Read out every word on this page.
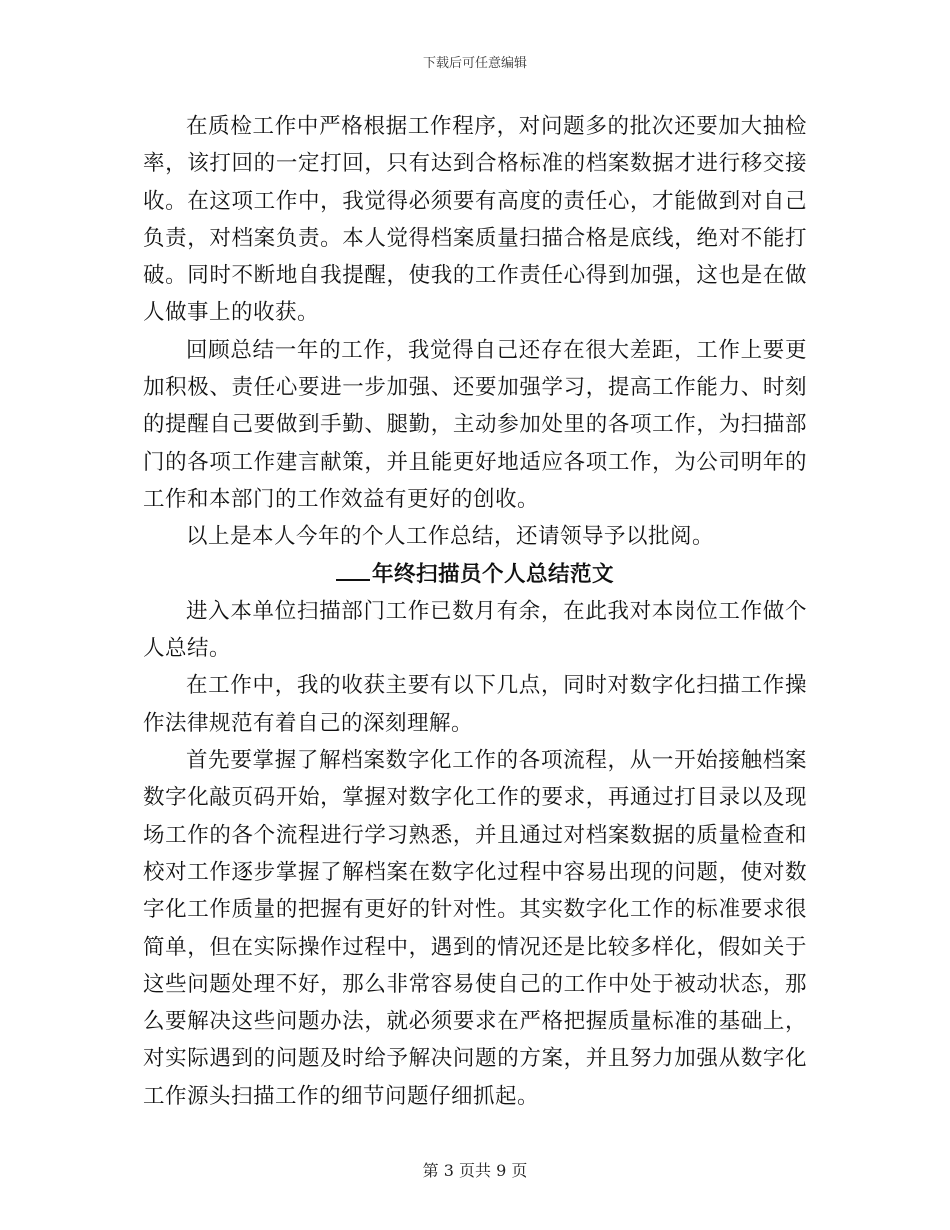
下载后可任意编辑

在质检工作中严格根据工作程序，对问题多的批次还要加大抽检率，该打回的一定打回，只有达到合格标准的档案数据才进行移交接收。在这项工作中，我觉得必须要有高度的责任心，才能做到对自己负责，对档案负责。本人觉得档案质量扫描合格是底线，绝对不能打破。同时不断地自我提醒，使我的工作责任心得到加强，这也是在做人做事上的收获。

回顾总结一年的工作，我觉得自己还存在很大差距，工作上要更加积极、责任心要进一步加强、还要加强学习，提高工作能力、时刻的提醒自己要做到手勤、腿勤，主动参加处里的各项工作，为扫描部门的各项工作建言献策，并且能更好地适应各项工作，为公司明年的工作和本部门的工作效益有更好的创收。

以上是本人今年的个人工作总结，还请领导予以批阅。

年终扫描员个人总结范文

进入本单位扫描部门工作已数月有余，在此我对本岗位工作做个人总结。

在工作中，我的收获主要有以下几点，同时对数字化扫描工作操作法律规范有着自己的深刻理解。

首先要掌握了解档案数字化工作的各项流程，从一开始接触档案数字化敲页码开始，掌握对数字化工作的要求，再通过打目录以及现场工作的各个流程进行学习熟悉，并且通过对档案数据的质量检查和校对工作逐步掌握了解档案在数字化过程中容易出现的问题，使对数字化工作质量的把握有更好的针对性。其实数字化工作的标准要求很简单，但在实际操作过程中，遇到的情况还是比较多样化，假如关于这些问题处理不好，那么非常容易使自己的工作中处于被动状态，那么要解决这些问题办法，就必须要求在严格把握质量标准的基础上，对实际遇到的问题及时给予解决问题的方案，并且努力加强从数字化工作源头扫描工作的细节问题仔细抓起。

第 3 页共 9 页
